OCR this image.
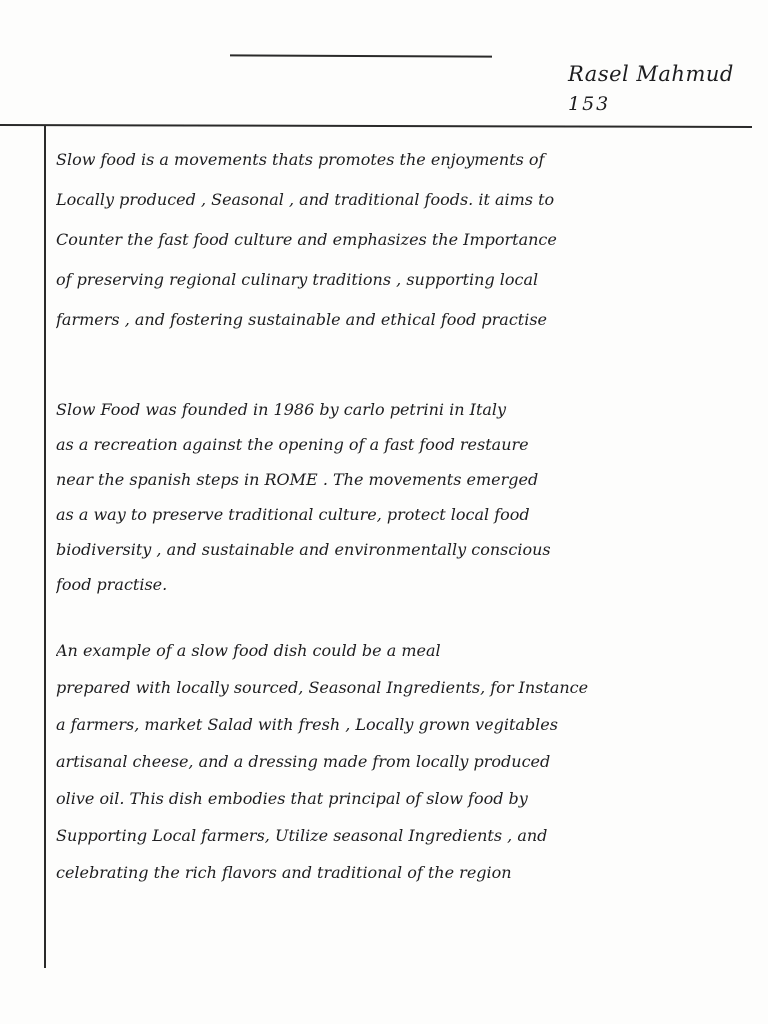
Rasel Mahmud
153
Slow food is a movements thats promotes the enjoyments of
Locally produced , Seasonal , and traditional foods. it aims to
Counter the fast food culture and emphasizes the Importance
of preserving regional culinary traditions , supporting local
farmers , and fostering sustainable and ethical food practise
Slow Food was founded in 1986 by carlo petrini in Italy
as a recreation against the opening of a fast food restaure
near the spanish steps in ROME . The movements emerged
as a way to preserve traditional culture, protect local food
biodiversity , and sustainable and environmentally conscious
food practise.
An example of a slow food dish could be a meal
prepared with locally sourced, Seasonal Ingredients, for Instance
a farmers, market Salad with fresh , Locally grown vegitables
artisanal cheese, and a dressing made from locally produced
olive oil. This dish embodies that principal of slow food by
Supporting Local farmers, Utilize seasonal Ingredients , and
celebrating the rich flavors and traditional of the region
